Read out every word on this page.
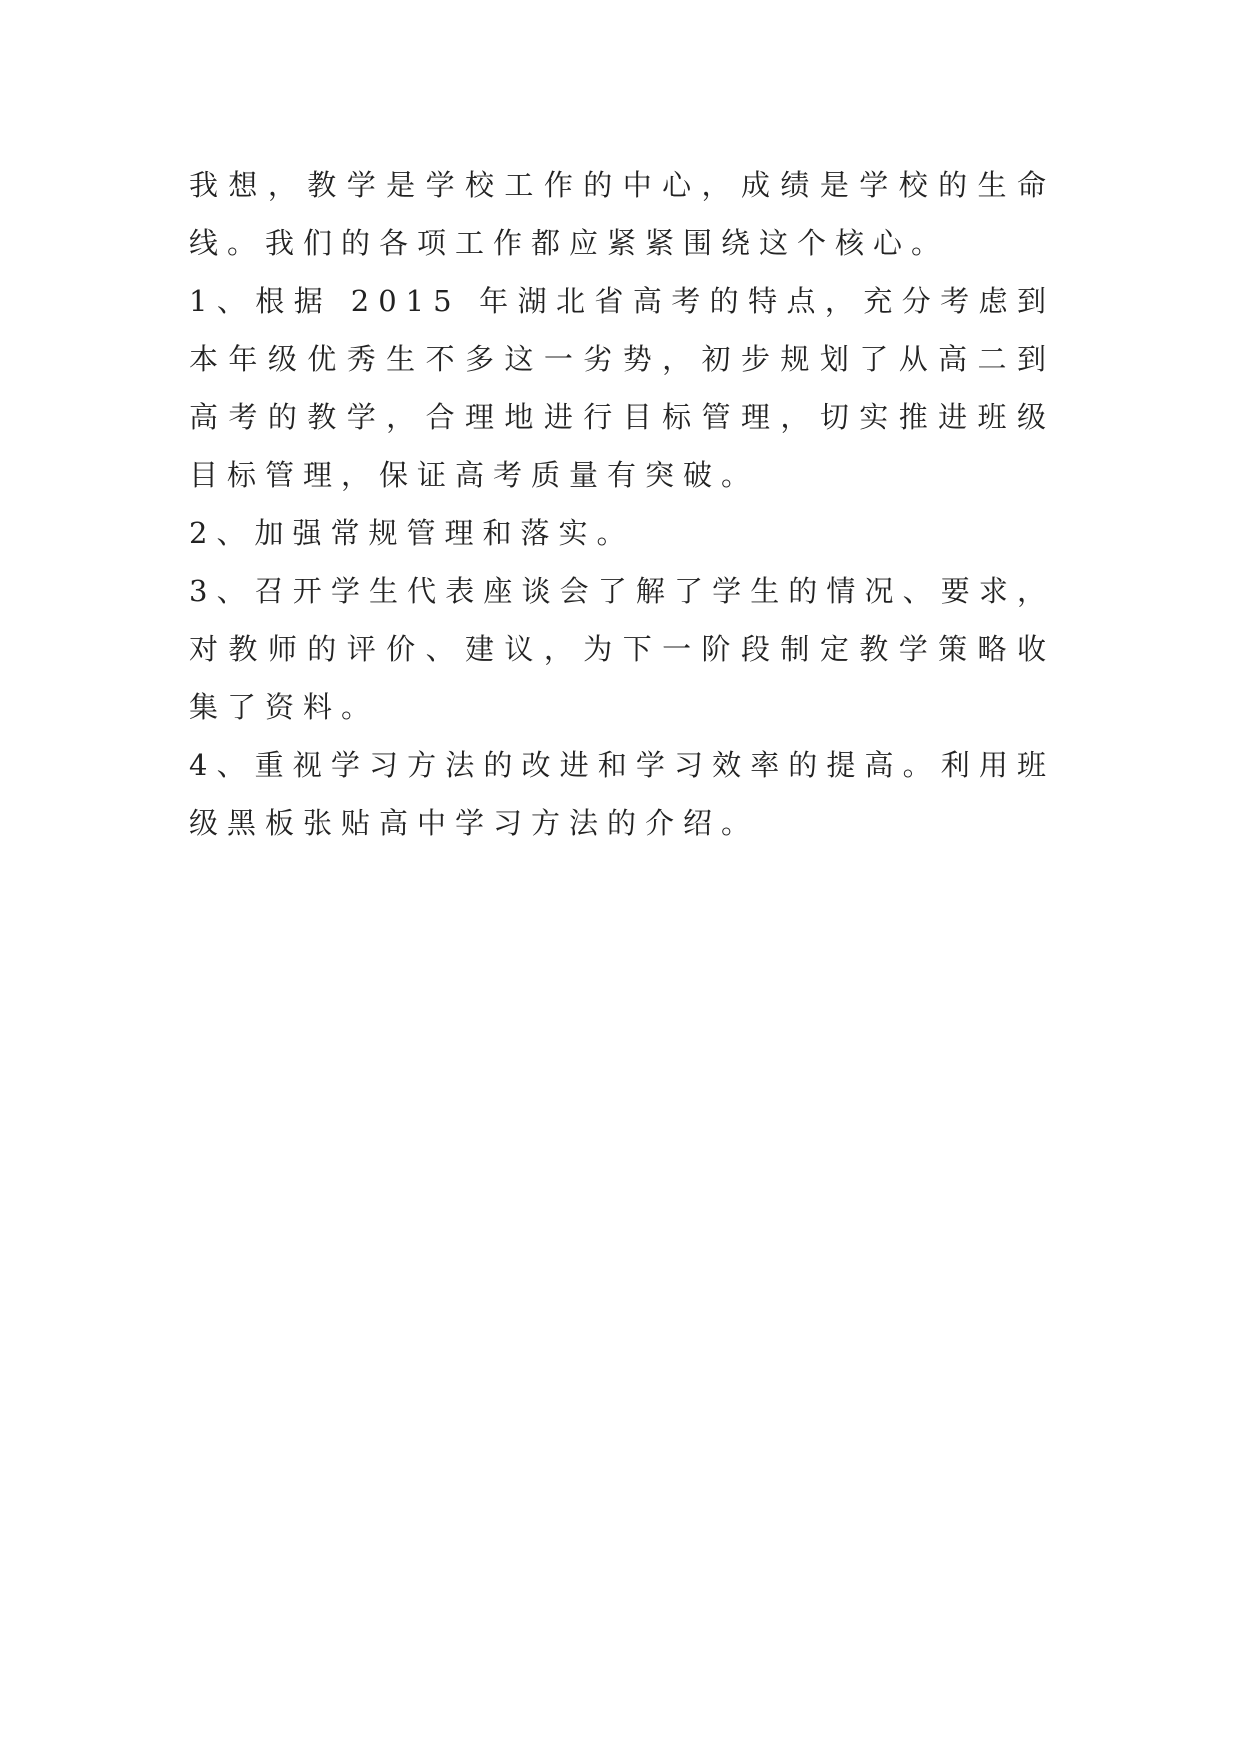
我想，教学是学校工作的中心，成绩是学校的生命线。我们的各项工作都应紧紧围绕这个核心。

1、根据 2015 年湖北省高考的特点，充分考虑到本年级优秀生不多这一劣势，初步规划了从高二到高考的教学，合理地进行目标管理，切实推进班级目标管理，保证高考质量有突破。

2、加强常规管理和落实。

3、召开学生代表座谈会了解了学生的情况、要求，对教师的评价、建议，为下一阶段制定教学策略收集了资料。

4、重视学习方法的改进和学习效率的提高。利用班级黑板张贴高中学习方法的介绍。
